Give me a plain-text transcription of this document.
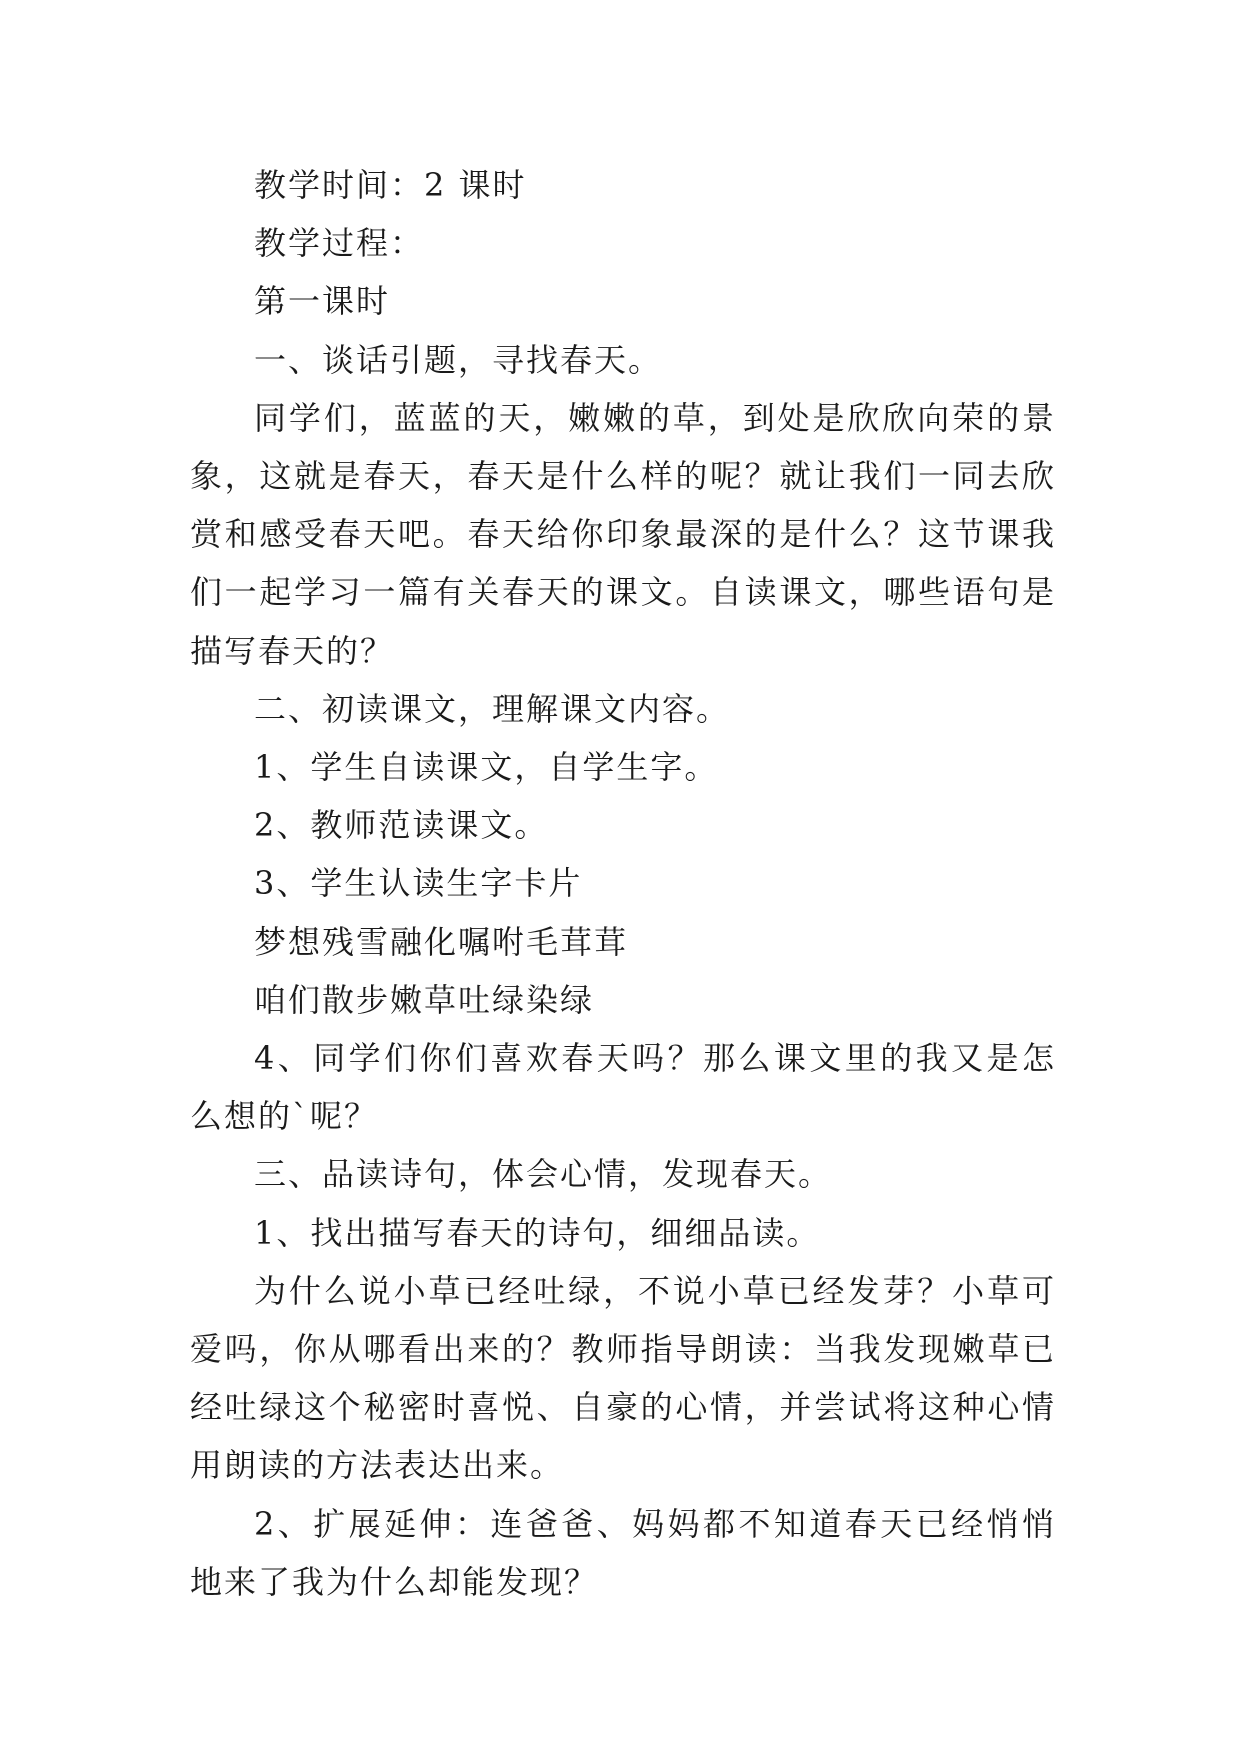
教学时间：2 课时

教学过程：

第一课时

一、谈话引题，寻找春天。

同学们，蓝蓝的天，嫩嫩的草，到处是欣欣向荣的景象，这就是春天，春天是什么样的呢？就让我们一同去欣赏和感受春天吧。春天给你印象最深的是什么？这节课我们一起学习一篇有关春天的课文。自读课文，哪些语句是描写春天的？

二、初读课文，理解课文内容。

1、学生自读课文，自学生字。

2、教师范读课文。

3、学生认读生字卡片

梦想残雪融化嘱咐毛茸茸

咱们散步嫩草吐绿染绿

4、同学们你们喜欢春天吗？那么课文里的我又是怎么想的`呢？

三、品读诗句，体会心情，发现春天。

1、找出描写春天的诗句，细细品读。

为什么说小草已经吐绿，不说小草已经发芽？小草可爱吗，你从哪看出来的？教师指导朗读：当我发现嫩草已经吐绿这个秘密时喜悦、自豪的心情，并尝试将这种心情用朗读的方法表达出来。

2、扩展延伸：连爸爸、妈妈都不知道春天已经悄悄地来了我为什么却能发现？
